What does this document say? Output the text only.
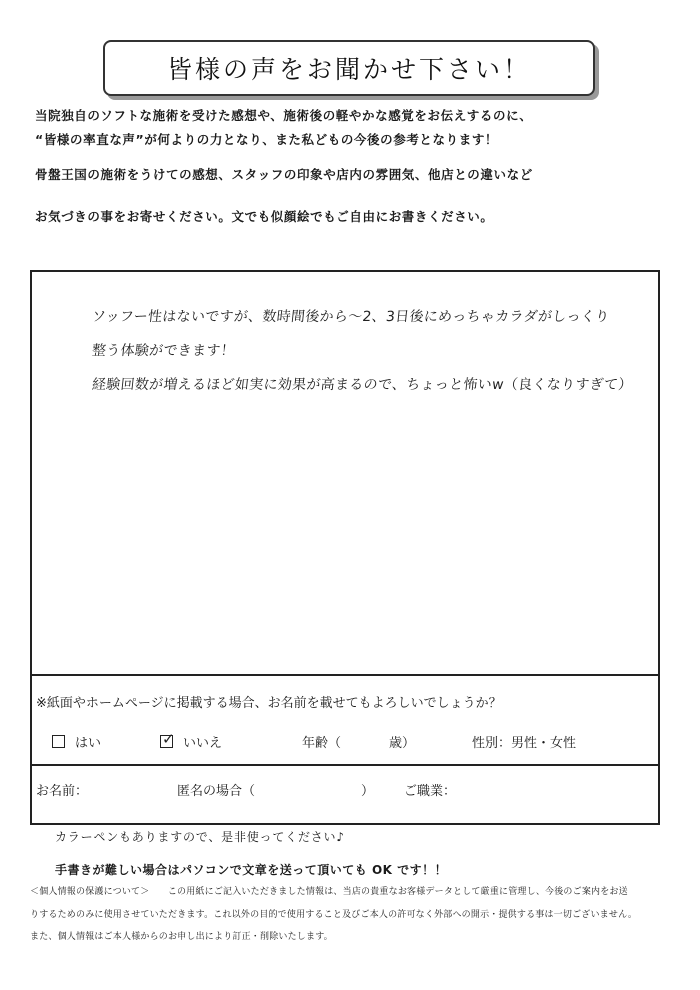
皆様の声をお聞かせ下さい！
当院独自のソフトな施術を受けた感想や、施術後の軽やかな感覚をお伝えするのに、
“皆様の率直な声”が何よりの力となり、また私どもの今後の参考となります！
骨盤王国の施術をうけての感想、スタッフの印象や店内の雰囲気、他店との違いなど
お気づきの事をお寄せください。文でも似顔絵でもご自由にお書きください。
ソッフー性はないですが、数時間後から〜2、3日後にめっちゃカラダがしっくり
整う体験ができます！
経験回数が増えるほど如実に効果が高まるので、ちょっと怖いw（良くなりすぎて）
※紙面やホームページに掲載する場合、お名前を載せてもよろしいでしょうか？
はい	✓ いいえ	年齢（	歳）	性別：男性・女性
お名前：	匿名の場合（	） ご職業：
カラーペンもありますので、是非使ってください♪
手書きが難しい場合はパソコンで文章を送って頂いても OK です！！
＜個人情報の保護について＞　　この用紙にご記入いただきました情報は、当店の貴重なお客様データとして厳重に管理し、今後のご案内をお送
りするためのみに使用させていただきます。これ以外の目的で使用すること及びご本人の許可なく外部への開示・提供する事は一切ございません。
また、個人情報はご本人様からのお申し出により訂正・削除いたします。
